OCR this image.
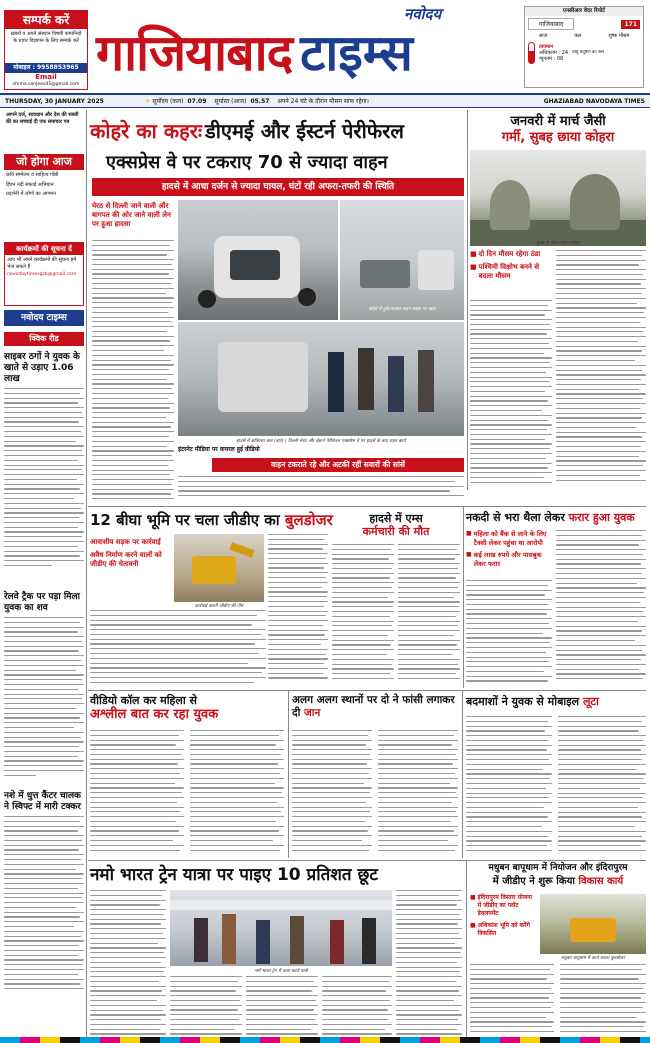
सम्पर्क करें
खबरों व अपने संस्थान विषयी कम्पनियों के प्रचार विज्ञापन के लिए सम्पर्क करें
मोबाइल : 9958853965
Email
shrma.sanjeev45@gmail.com
नवोदय
गाजियाबाद टाइम्स
एनसीआर वेदर रिपोर्ट
गाजियाबाद	171
आज	कल	शुष्क मौसम
तापमान
अधिकतम : 24
न्यूनतम : 08
वायु प्रदूषण का स्तर
THURSDAY, 30 JANUARY 2025	☀ सूर्योदय (कल) 07.09 सूर्यास्त (आज) 05.57 अपने 24 घंटे के दौरान मौसम साफ रहेगा।	GHAZIABAD NAVODAYA TIMES
आपने दर्ज, सावधान और देश की सब्जी की का सच्चाई दी एक समाचार पत्र
जो होगा आज
कवि सम्मेलन व साहित्य गोष्ठी
हिंडन नदी सफाई अभियान
प्रदर्शनी में लोगों का आगमन
कार्यक्रमों की सूचना दें
आप भी अपने कार्यक्रमों की सूचना हमें भेज सकते हैं
navodaytimesgzb@gmail.com
नवोदय टाइम्स
क्विक रीड
साइबर ठगों ने युवक के खाते से उड़ाए 1.06 लाख
रेलवे ट्रैक पर पड़ा मिला युवक का शव
नशे में धुत्त कैंटर चालक ने स्विफ्ट में मारी टक्कर
कोहरे का कहरः डीएमई और ईस्टर्न पेरीफेरल
एक्सप्रेस वे पर टकराए 70 से ज्यादा वाहन
हादसे में आधा दर्जन से ज्यादा घायल, घंटों रही अफरा-तफरी की स्थिति
मेरठ से दिल्ली जाने वाली और बागपत की ओर जाने वाली लेन पर हुआ हादसा
कोहरे में दुर्घटनाग्रस्त वाहन सड़क पर खड़ा
हादसे में क्षतिग्रस्त कार (बाएं) | दिल्ली-मेरठ और ईस्टर्न पेरीफेरल एक्सप्रेस वे पर हादसे के बाद राहत कार्य
इंटरनेट मीडिया पर वायरल हुई वीडियो
वाहन टकराते रहे और अटकी रहीं सवारों की सांसें
जनवरी में मार्च जैसी
गर्मी, सुबह छाया कोहरा
सुबह के समय छाया कोहरा
■ दो दिन मौसम रहेगा ठंडा
■ पश्चिमी विक्षोभ बनने से बदला मौसम
12 बीघा भूमि पर चला जीडीए का बुलडोजर
आवासीय सड़क पर कार्रवाई
अवैध निर्माण करने वालों को जीडीए की चेतावनी
कार्रवाई करती जीडीए की टीम
हादसे में एम्स
कर्मचारी की मौत
नकदी से भरा थैला लेकर फरार हुआ युवक
■ महिला को बैंक से लाने के लिए टैक्सी लेकर पहुंचा था आरोपी
■ कई लाख रुपये और पासबुक लेकर फरार
वीडियो कॉल कर महिला से
अश्लील बात कर रहा युवक
अलग अलग स्थानों पर दो ने फांसी लगाकर दी जान
बदमाशों ने युवक से मोबाइल लूटा
नमो भारत ट्रेन यात्रा पर पाइए 10 प्रतिशत छूट
नमो भारत ट्रेन में यात्रा करते यात्री
मधुबन बापूधाम में नियोजन और इंदिरापुरम
में जीडीए ने शुरू किया विकास कार्य
■ इंदिरापुरम विस्तार योजना में जीडीए का प्लॉट डेवलपमेंट
■ अधिकांश भूमि को करेंगे विकसित
मधुबन बापूधाम में कार्य करता बुलडोजर
